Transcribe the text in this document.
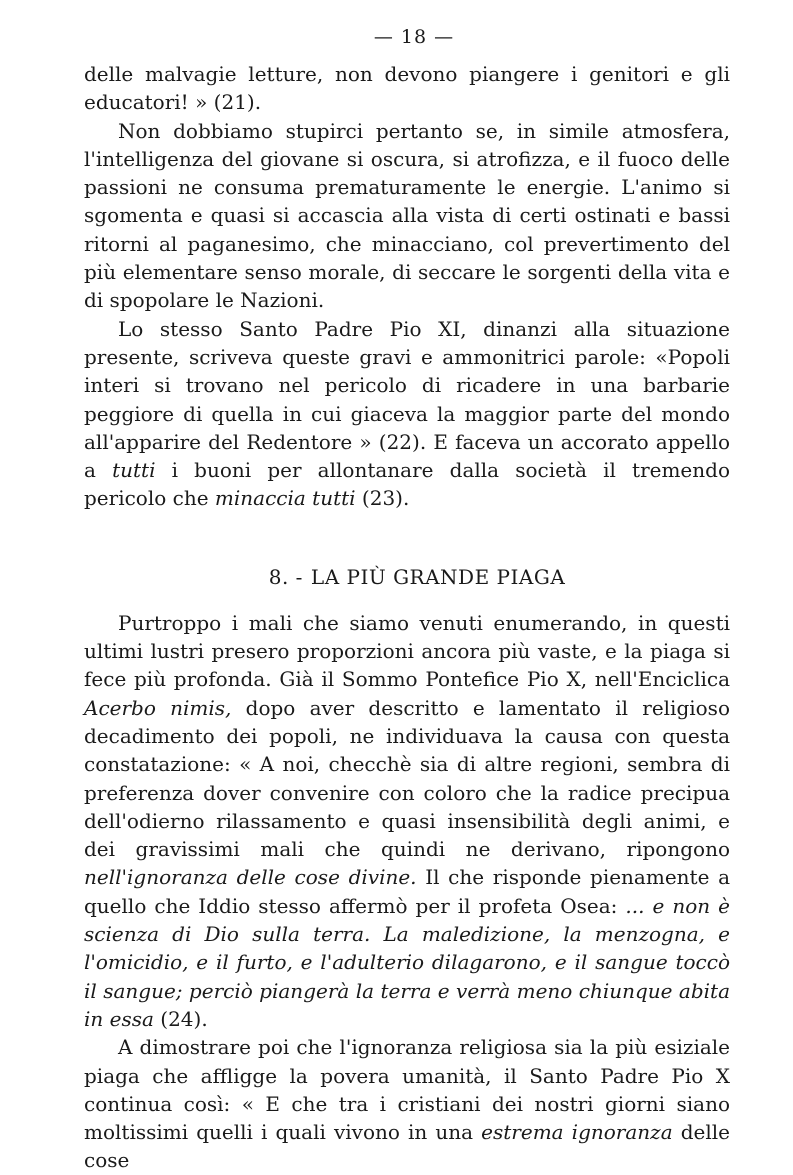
— 18 —

delle malvagie letture, non devono piangere i genitori e gli educatori! » (21).

Non dobbiamo stupirci pertanto se, in simile atmosfera, l'intelligenza del giovane si oscura, si atrofizza, e il fuoco delle passioni ne consuma prematuramente le energie. L'animo si sgomenta e quasi si accascia alla vista di certi ostinati e bassi ritorni al paganesimo, che minacciano, col prevertimento del più elementare senso morale, di seccare le sorgenti della vita e di spopolare le Nazioni.

Lo stesso Santo Padre Pio XI, dinanzi alla situazione presente, scriveva queste gravi e ammonitrici parole: «Popoli interi si trovano nel pericolo di ricadere in una barbarie peggiore di quella in cui giaceva la maggior parte del mondo all'apparire del Redentore » (22). E faceva un accorato appello a tutti i buoni per allontanare dalla società il tremendo pericolo che minaccia tutti (23).

8. - LA PIÙ GRANDE PIAGA

Purtroppo i mali che siamo venuti enumerando, in questi ultimi lustri presero proporzioni ancora più vaste, e la piaga si fece più profonda. Già il Sommo Pontefice Pio X, nell'Enciclica Acerbo nimis, dopo aver descritto e lamentato il religioso decadimento dei popoli, ne individuava la causa con questa constatazione: « A noi, checchè sia di altre regioni, sembra di preferenza dover convenire con coloro che la radice precipua dell'odierno rilassamento e quasi insensibilità degli animi, e dei gravissimi mali che quindi ne derivano, ripongono nell'ignoranza delle cose divine. Il che risponde pienamente a quello che Iddio stesso affermò per il profeta Osea: ... e non è scienza di Dio sulla terra. La maledizione, la menzogna, e l'omicidio, e il furto, e l'adulterio dilagarono, e il sangue toccò il sangue; perciò piangerà la terra e verrà meno chiunque abita in essa (24).

A dimostrare poi che l'ignoranza religiosa sia la più esiziale piaga che affligge la povera umanità, il Santo Padre Pio X continua così: « E che tra i cristiani dei nostri giorni siano moltissimi quelli i quali vivono in una estrema ignoranza delle cose
